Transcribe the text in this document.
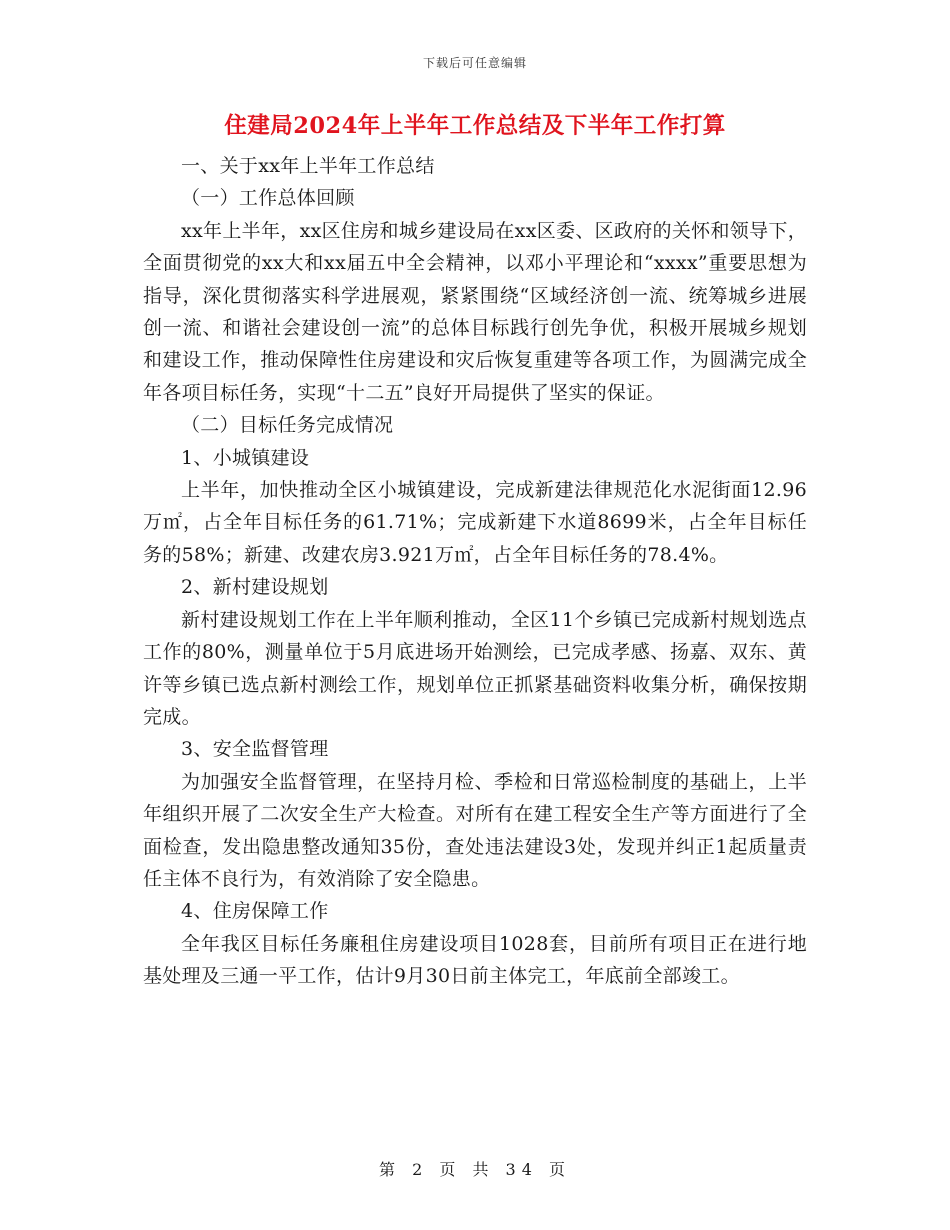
下载后可任意编辑
住建局2024年上半年工作总结及下半年工作打算

一、关于xx年上半年工作总结

（一）工作总体回顾

xx年上半年，xx区住房和城乡建设局在xx区委、区政府的关怀和领导下，全面贯彻党的xx大和xx届五中全会精神，以邓小平理论和“xxxx”重要思想为指导，深化贯彻落实科学进展观，紧紧围绕“区域经济创一流、统筹城乡进展创一流、和谐社会建设创一流”的总体目标践行创先争优，积极开展城乡规划和建设工作，推动保障性住房建设和灾后恢复重建等各项工作，为圆满完成全年各项目标任务，实现“十二五”良好开局提供了坚实的保证。

（二）目标任务完成情况

1、小城镇建设

上半年，加快推动全区小城镇建设，完成新建法律规范化水泥街面12.96万㎡，占全年目标任务的61.71%；完成新建下水道8699米，占全年目标任务的58%；新建、改建农房3.921万㎡，占全年目标任务的78.4%。

2、新村建设规划

新村建设规划工作在上半年顺利推动，全区11个乡镇已完成新村规划选点工作的80%，测量单位于5月底进场开始测绘，已完成孝感、扬嘉、双东、黄许等乡镇已选点新村测绘工作，规划单位正抓紧基础资料收集分析，确保按期完成。

3、安全监督管理

为加强安全监督管理，在坚持月检、季检和日常巡检制度的基础上，上半年组织开展了二次安全生产大检查。对所有在建工程安全生产等方面进行了全面检查，发出隐患整改通知35份，查处违法建设3处，发现并纠正1起质量责任主体不良行为，有效消除了安全隐患。

4、住房保障工作

全年我区目标任务廉租住房建设项目1028套，目前所有项目正在进行地基处理及三通一平工作，估计9月30日前主体完工，年底前全部竣工。

第 2 页 共 34 页
